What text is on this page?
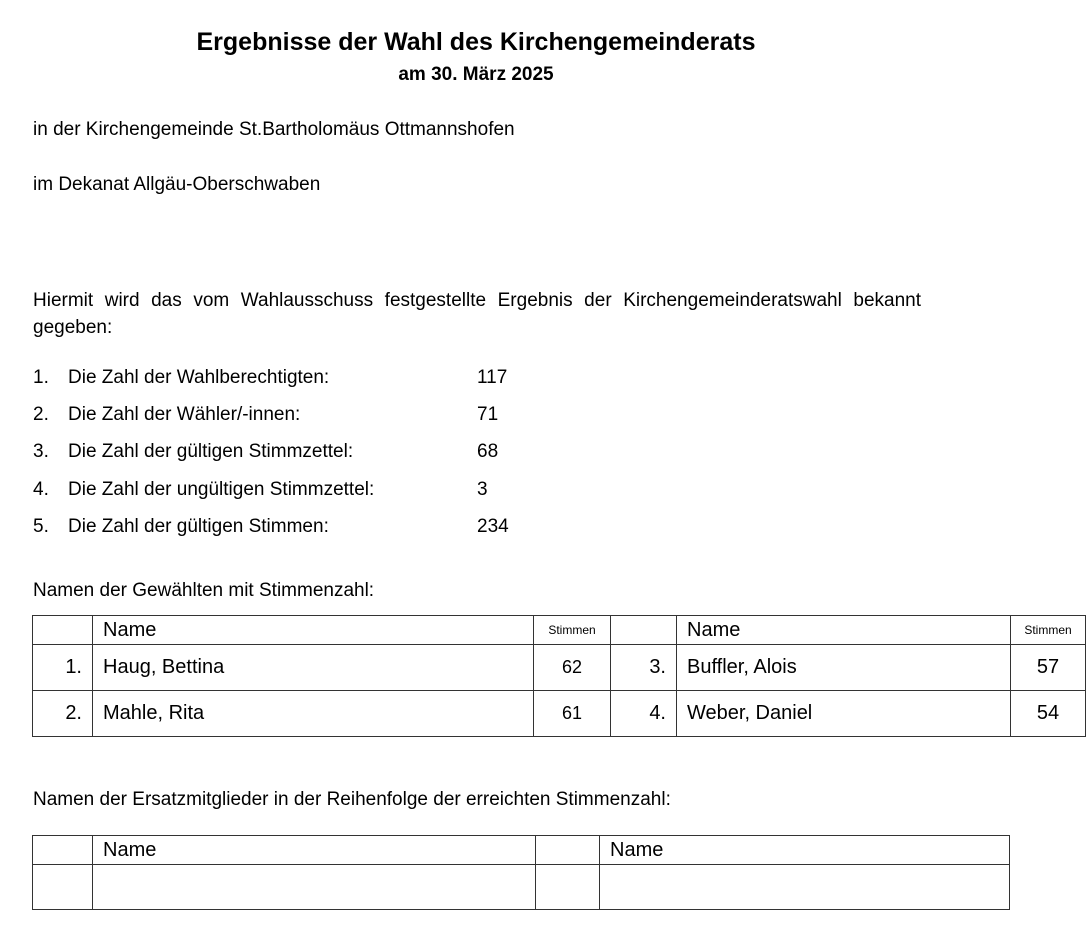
Ergebnisse der Wahl des Kirchengemeinderats
am 30. März 2025
in der Kirchengemeinde St.Bartholomäus Ottmannshofen
im Dekanat Allgäu-Oberschwaben
Hiermit wird das vom Wahlausschuss festgestellte Ergebnis der Kirchengemeinderatswahl bekannt gegeben:
1. Die Zahl der Wahlberechtigten:	117
2. Die Zahl der Wähler/-innen:	71
3. Die Zahl der gültigen Stimmzettel:	68
4. Die Zahl der ungültigen Stimmzettel:	3
5. Die Zahl der gültigen Stimmen:	234
Namen der Gewählten mit Stimmenzahl:
	Name	Stimmen		Name	Stimmen
1.	Haug, Bettina	62	3.	Buffler, Alois	57
2.	Mahle, Rita	61	4.	Weber, Daniel	54
Namen der Ersatzmitglieder in der Reihenfolge der erreichten Stimmenzahl:
	Name		Name
